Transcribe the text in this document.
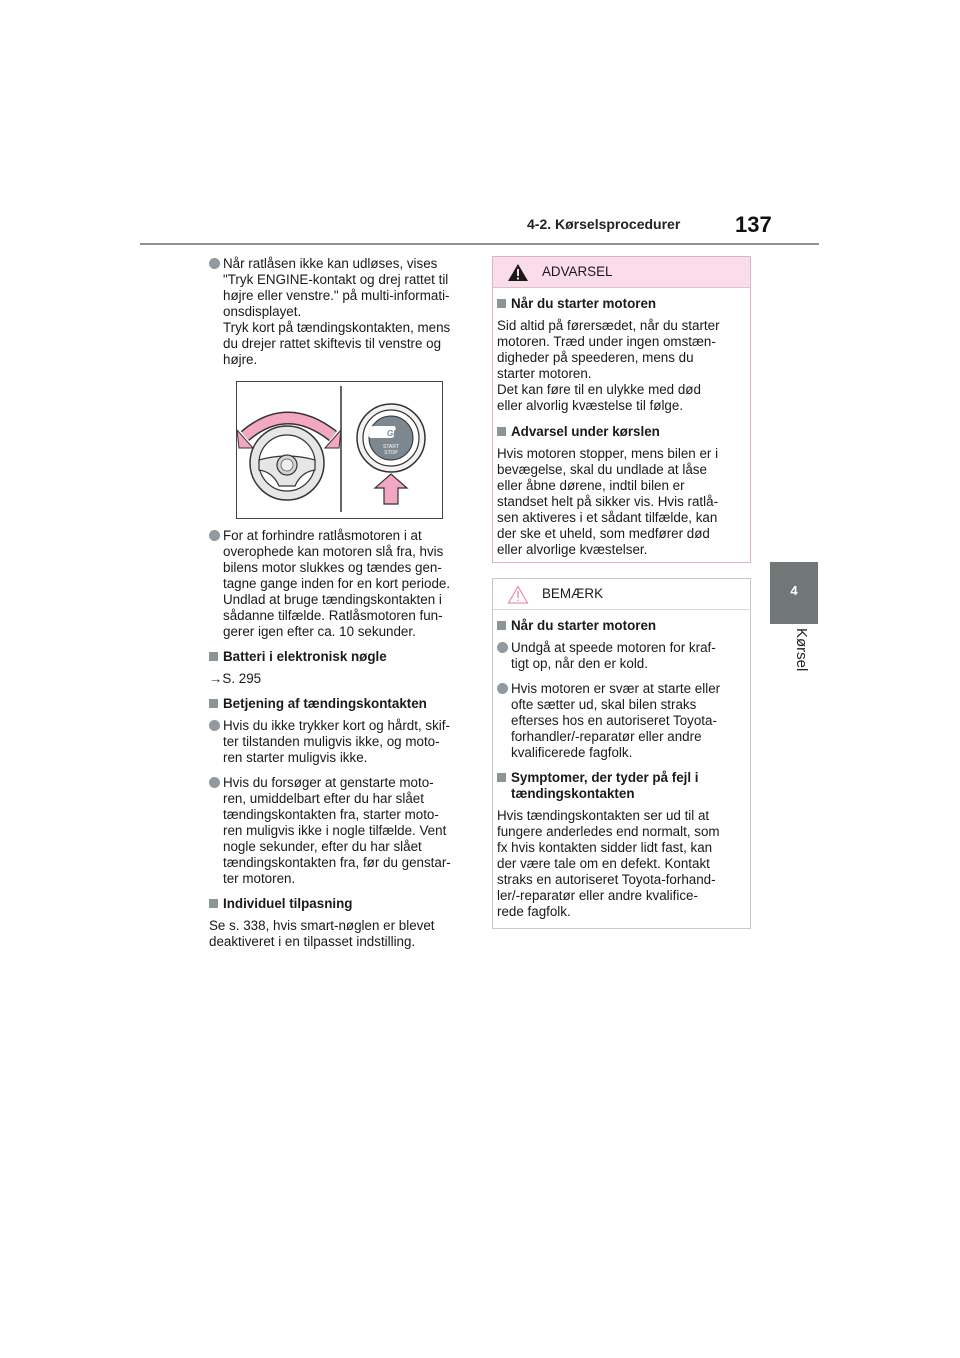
4-2. Kørselsprocedurer 137
4
Kørsel
Når ratlåsen ikke kan udløses, vises
"Tryk ENGINE-kontakt og drej rattet til
højre eller venstre." på multi-informati-
onsdisplayet.
Tryk kort på tændingskontakten, mens
du drejer rattet skiftevis til venstre og
højre.
GR
START
STOP
For at forhindre ratlåsmotoren i at
overophede kan motoren slå fra, hvis
bilens motor slukkes og tændes gen-
tagne gange inden for en kort periode.
Undlad at bruge tændingskontakten i
sådanne tilfælde. Ratlåsmotoren fun-
gerer igen efter ca. 10 sekunder.
Batteri i elektronisk nøgle
→S. 295
Betjening af tændingskontakten
Hvis du ikke trykker kort og hårdt, skif-
ter tilstanden muligvis ikke, og moto-
ren starter muligvis ikke.
Hvis du forsøger at genstarte moto-
ren, umiddelbart efter du har slået
tændingskontakten fra, starter moto-
ren muligvis ikke i nogle tilfælde. Vent
nogle sekunder, efter du har slået
tændingskontakten fra, før du genstar-
ter motoren.
Individuel tilpasning
Se s. 338, hvis smart-nøglen er blevet
deaktiveret i en tilpasset indstilling.
ADVARSEL
Når du starter motoren
Sid altid på førersædet, når du starter
motoren. Træd under ingen omstæn-
digheder på speederen, mens du
starter motoren.
Det kan føre til en ulykke med død
eller alvorlig kvæstelse til følge.
Advarsel under kørslen
Hvis motoren stopper, mens bilen er i
bevægelse, skal du undlade at låse
eller åbne dørene, indtil bilen er
standset helt på sikker vis. Hvis ratlå-
sen aktiveres i et sådant tilfælde, kan
der ske et uheld, som medfører død
eller alvorlige kvæstelser.
BEMÆRK
Når du starter motoren
Undgå at speede motoren for kraf-
tigt op, når den er kold.
Hvis motoren er svær at starte eller
ofte sætter ud, skal bilen straks
efterses hos en autoriseret Toyota-
forhandler/-reparatør eller andre
kvalificerede fagfolk.
Symptomer, der tyder på fejl i
tændingskontakten
Hvis tændingskontakten ser ud til at
fungere anderledes end normalt, som
fx hvis kontakten sidder lidt fast, kan
der være tale om en defekt. Kontakt
straks en autoriseret Toyota-forhand-
ler/-reparatør eller andre kvalifice-
rede fagfolk.
